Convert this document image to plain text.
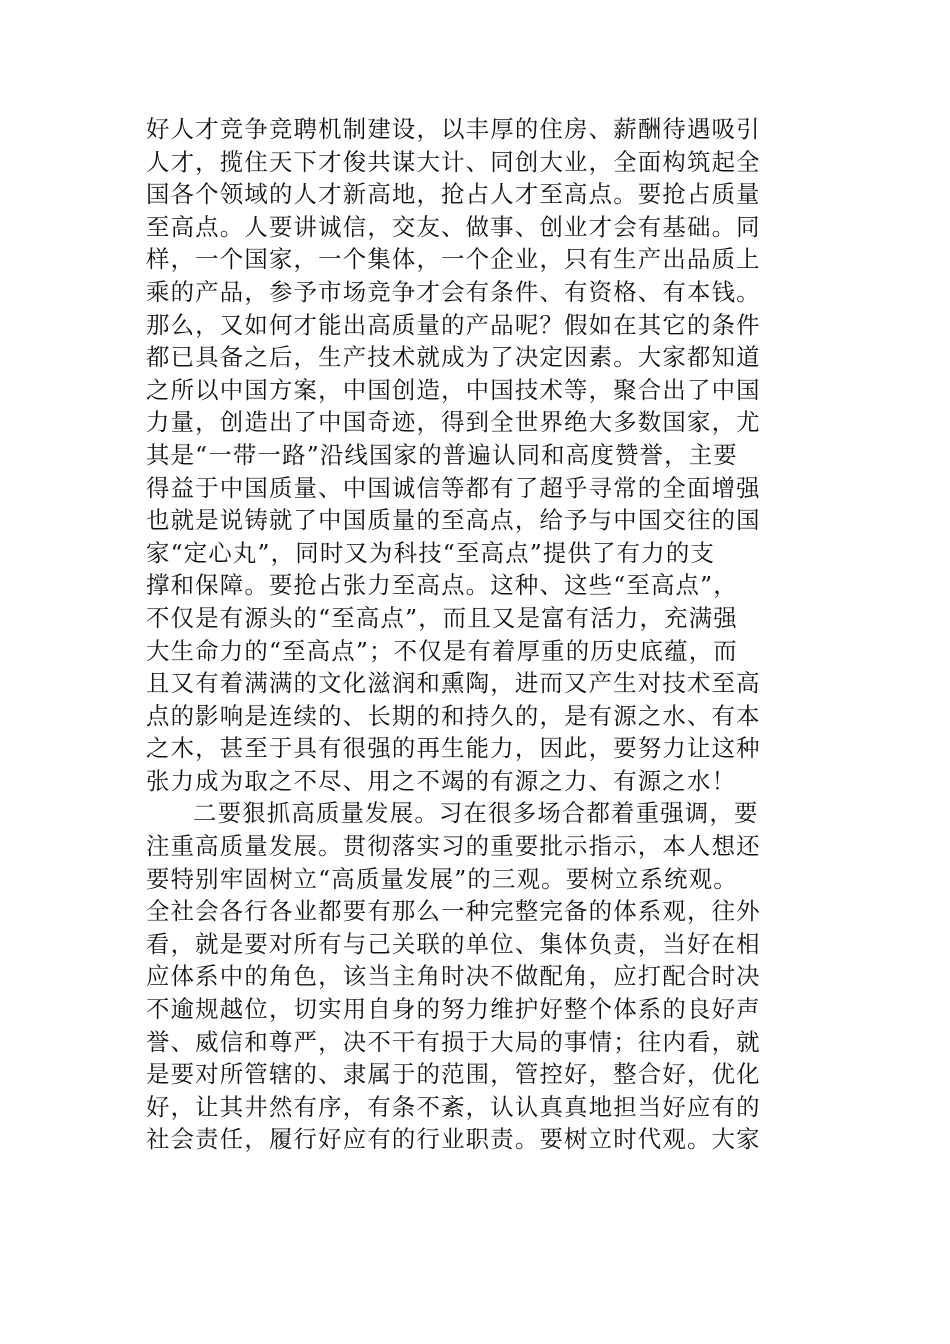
好人才竞争竞聘机制建设，以丰厚的住房、薪酬待遇吸引
人才，揽住天下才俊共谋大计、同创大业，全面构筑起全
国各个领域的人才新高地，抢占人才至高点。要抢占质量
至高点。人要讲诚信，交友、做事、创业才会有基础。同
样，一个国家，一个集体，一个企业，只有生产出品质上
乘的产品，参予市场竞争才会有条件、有资格、有本钱。
那么，又如何才能出高质量的产品呢？假如在其它的条件
都已具备之后，生产技术就成为了决定因素。大家都知道
之所以中国方案，中国创造，中国技术等，聚合出了中国
力量，创造出了中国奇迹，得到全世界绝大多数国家，尤
其是“一带一路”沿线国家的普遍认同和高度赞誉，主要
得益于中国质量、中国诚信等都有了超乎寻常的全面增强
也就是说铸就了中国质量的至高点，给予与中国交往的国
家“定心丸”，同时又为科技“至高点”提供了有力的支
撑和保障。要抢占张力至高点。这种、这些“至高点”，
不仅是有源头的“至高点”，而且又是富有活力，充满强
大生命力的“至高点”；不仅是有着厚重的历史底蕴，而
且又有着满满的文化滋润和熏陶，进而又产生对技术至高
点的影响是连续的、长期的和持久的，是有源之水、有本
之木，甚至于具有很强的再生能力，因此，要努力让这种
张力成为取之不尽、用之不竭的有源之力、有源之水！
二要狠抓高质量发展。习在很多场合都着重强调，要
注重高质量发展。贯彻落实习的重要批示指示，本人想还
要特别牢固树立“高质量发展”的三观。要树立系统观。
全社会各行各业都要有那么一种完整完备的体系观，往外
看，就是要对所有与己关联的单位、集体负责，当好在相
应体系中的角色，该当主角时决不做配角，应打配合时决
不逾规越位，切实用自身的努力维护好整个体系的良好声
誉、威信和尊严，决不干有损于大局的事情；往内看，就
是要对所管辖的、隶属于的范围，管控好，整合好，优化
好，让其井然有序，有条不紊，认认真真地担当好应有的
社会责任，履行好应有的行业职责。要树立时代观。大家
